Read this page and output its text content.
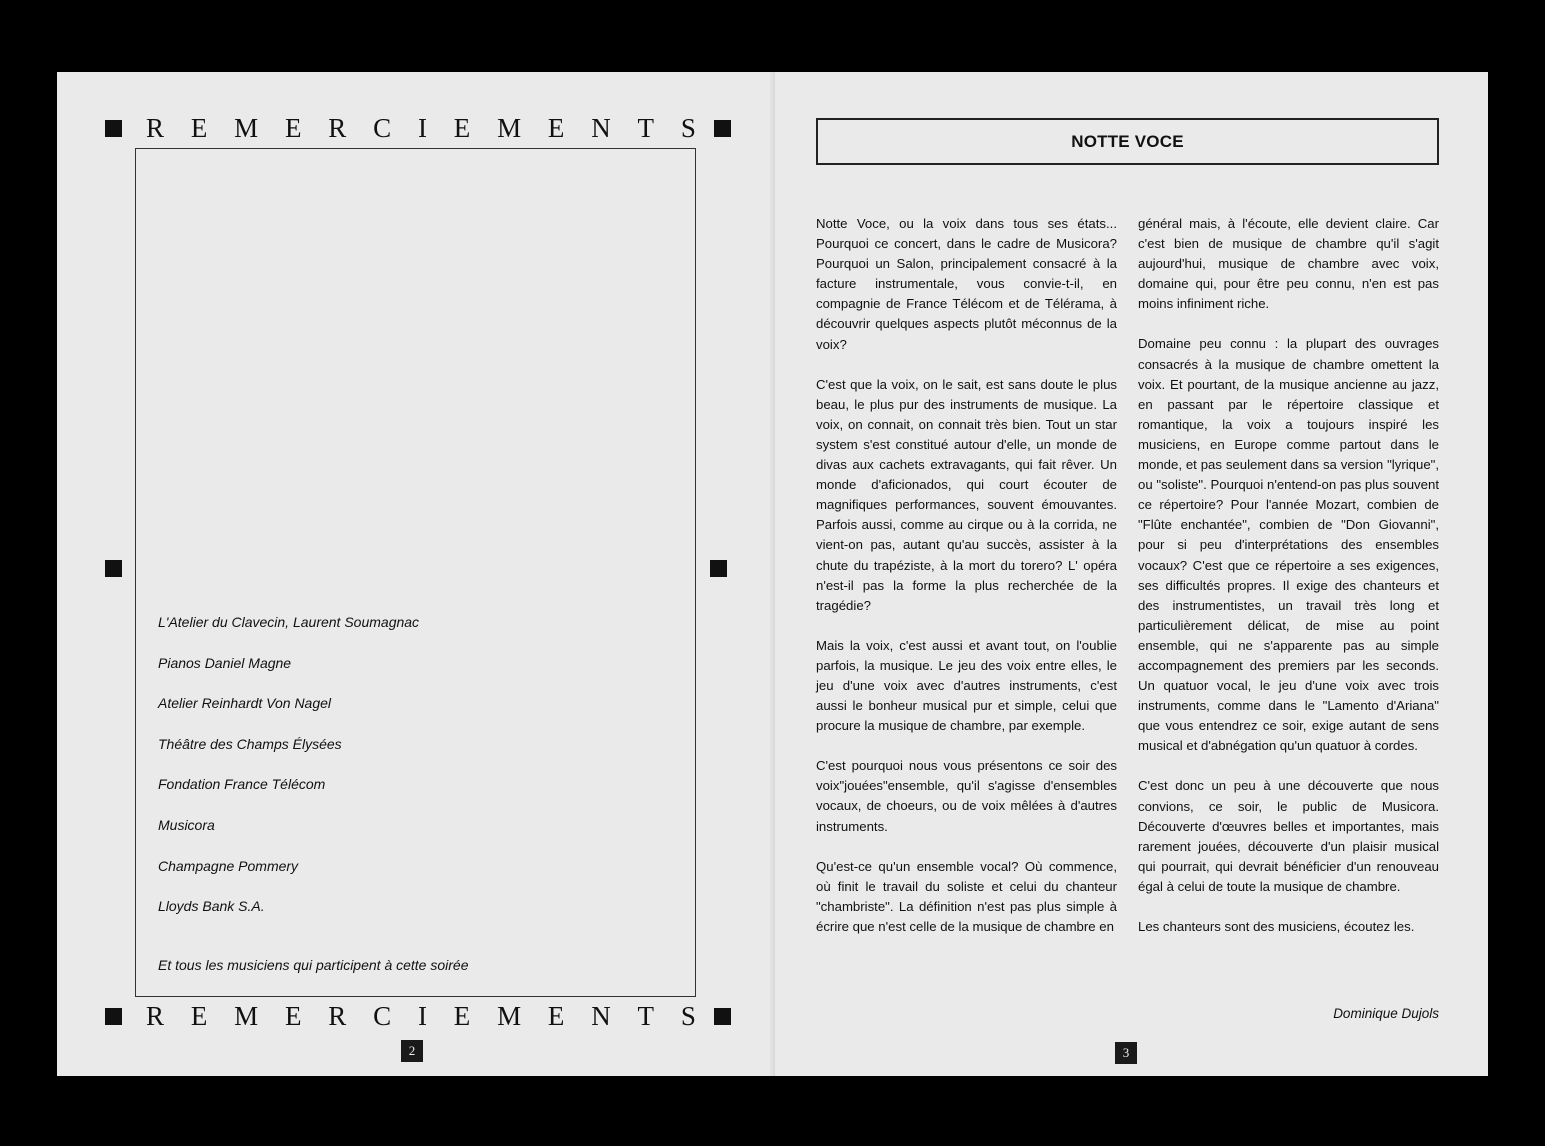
R E M E R C I E M E N T S
L'Atelier du Clavecin, Laurent Soumagnac
Pianos Daniel Magne
Atelier Reinhardt Von Nagel
Théâtre des Champs Élysées
Fondation France Télécom
Musicora
Champagne Pommery
Lloyds Bank S.A.
Et tous les musiciens qui participent à cette soirée
R E M E R C I E M E N T S
2
NOTTE VOCE

Notte Voce, ou la voix dans tous ses états... Pourquoi ce concert, dans le cadre de Musicora? Pourquoi un Salon, principalement consacré à la facture instrumentale, vous convie-t-il, en compagnie de France Télécom et de Télérama, à découvrir quelques aspects plutôt méconnus de la voix?

C'est que la voix, on le sait, est sans doute le plus beau, le plus pur des instruments de musique. La voix, on connait, on connait très bien. Tout un star system s'est constitué autour d'elle, un monde de divas aux cachets extravagants, qui fait rêver. Un monde d'aficionados, qui court écouter de magnifiques performances, souvent émouvantes. Parfois aussi, comme au cirque ou à la corrida, ne vient-on pas, autant qu'au succès, assister à la chute du trapéziste, à la mort du torero? L' opéra n'est-il pas la forme la plus recherchée de la tragédie?

Mais la voix, c'est aussi et avant tout, on l'oublie parfois, la musique. Le jeu des voix entre elles, le jeu d'une voix avec d'autres instruments, c'est aussi le bonheur musical pur et simple, celui que procure la musique de chambre, par exemple.

C'est pourquoi nous vous présentons ce soir des voix"jouées"ensemble, qu'il s'agisse d'ensembles vocaux, de choeurs, ou de voix mêlées à d'autres instruments.

Qu'est-ce qu'un ensemble vocal? Où commence, où finit le travail du soliste et celui du chanteur "chambriste". La définition n'est pas plus simple à écrire que n'est celle de la musique de chambre en

général mais, à l'écoute, elle devient claire. Car c'est bien de musique de chambre qu'il s'agit aujourd'hui, musique de chambre avec voix, domaine qui, pour être peu connu, n'en est pas moins infiniment riche.

Domaine peu connu : la plupart des ouvrages consacrés à la musique de chambre omettent la voix. Et pourtant, de la musique ancienne au jazz, en passant par le répertoire classique et romantique, la voix a toujours inspiré les musiciens, en Europe comme partout dans le monde, et pas seulement dans sa version "lyrique", ou "soliste". Pourquoi n'entend-on pas plus souvent ce répertoire? Pour l'année Mozart, combien de "Flûte enchantée", combien de "Don Giovanni", pour si peu d'interprétations des ensembles vocaux? C'est que ce répertoire a ses exigences, ses difficultés propres. Il exige des chanteurs et des instrumentistes, un travail très long et particulièrement délicat, de mise au point ensemble, qui ne s'apparente pas au simple accompagnement des premiers par les seconds. Un quatuor vocal, le jeu d'une voix avec trois instruments, comme dans le "Lamento d'Ariana" que vous entendrez ce soir, exige autant de sens musical et d'abnégation qu'un quatuor à cordes.

C'est donc un peu à une découverte que nous convions, ce soir, le public de Musicora. Découverte d'œuvres belles et importantes, mais rarement jouées, découverte d'un plaisir musical qui pourrait, qui devrait bénéficier d'un renouveau égal à celui de toute la musique de chambre.

Les chanteurs sont des musiciens, écoutez les.

Dominique Dujols
3
